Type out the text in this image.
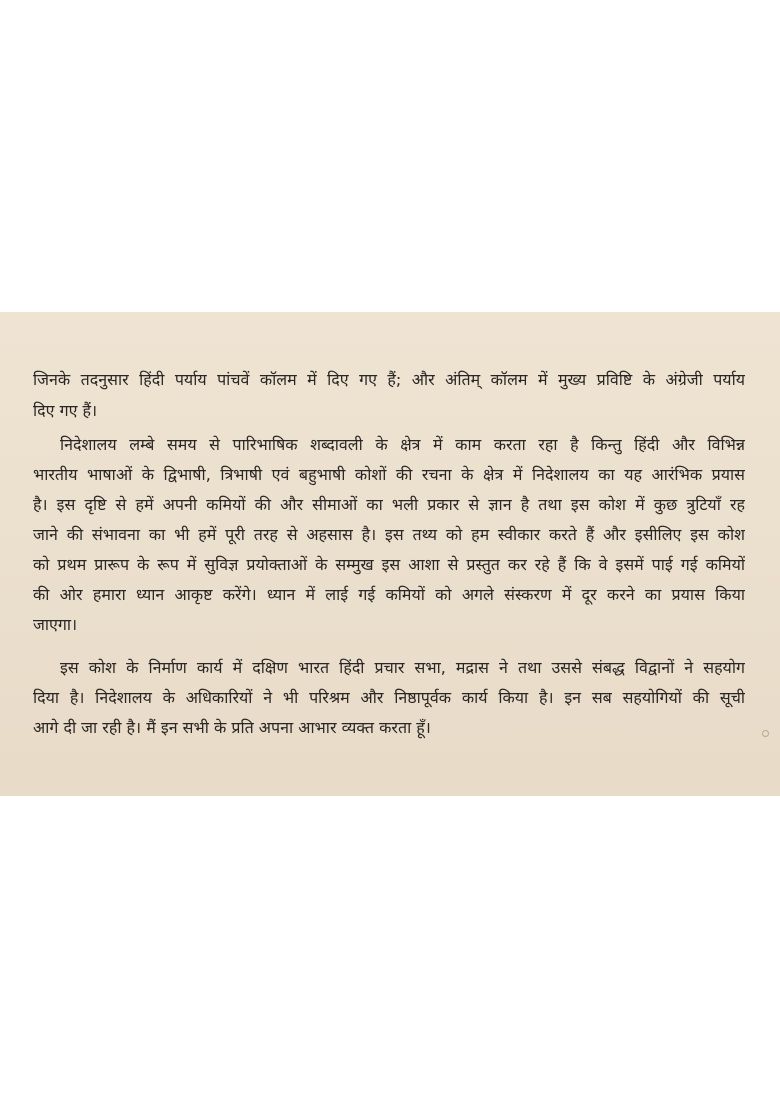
जिनके तदनुसार हिंदी पर्याय पांचवें कॉलम में दिए गए हैं; और अंतिम् कॉलम में मुख्य प्रविष्टि के अंग्रेजी पर्याय
दिए गए हैं।
निदेशालय लम्बे समय से पारिभाषिक शब्दावली के क्षेत्र में काम करता रहा है किन्तु हिंदी और विभिन्न
भारतीय भाषाओं के द्विभाषी, त्रिभाषी एवं बहुभाषी कोशों की रचना के क्षेत्र में निदेशालय का यह आरंभिक प्रयास
है। इस दृष्टि से हमें अपनी कमियों की और सीमाओं का भली प्रकार से ज्ञान है तथा इस कोश में कुछ त्रुटियाँ रह
जाने की संभावना का भी हमें पूरी तरह से अहसास है। इस तथ्य को हम स्वीकार करते हैं और इसीलिए इस कोश
को प्रथम प्रारूप के रूप में सुविज्ञ प्रयोक्ताओं के सम्मुख इस आशा से प्रस्तुत कर रहे हैं कि वे इसमें पाई गई कमियों
की ओर हमारा ध्यान आकृष्ट करेंगे। ध्यान में लाई गई कमियों को अगले संस्करण में दूर करने का प्रयास किया
जाएगा।
इस कोश के निर्माण कार्य में दक्षिण भारत हिंदी प्रचार सभा, मद्रास ने तथा उससे संबद्ध विद्वानों ने सहयोग
दिया है। निदेशालय के अधिकारियों ने भी परिश्रम और निष्ठापूर्वक कार्य किया है। इन सब सहयोगियों की सूची
आगे दी जा रही है। मैं इन सभी के प्रति अपना आभार व्यक्त करता हूँ।
